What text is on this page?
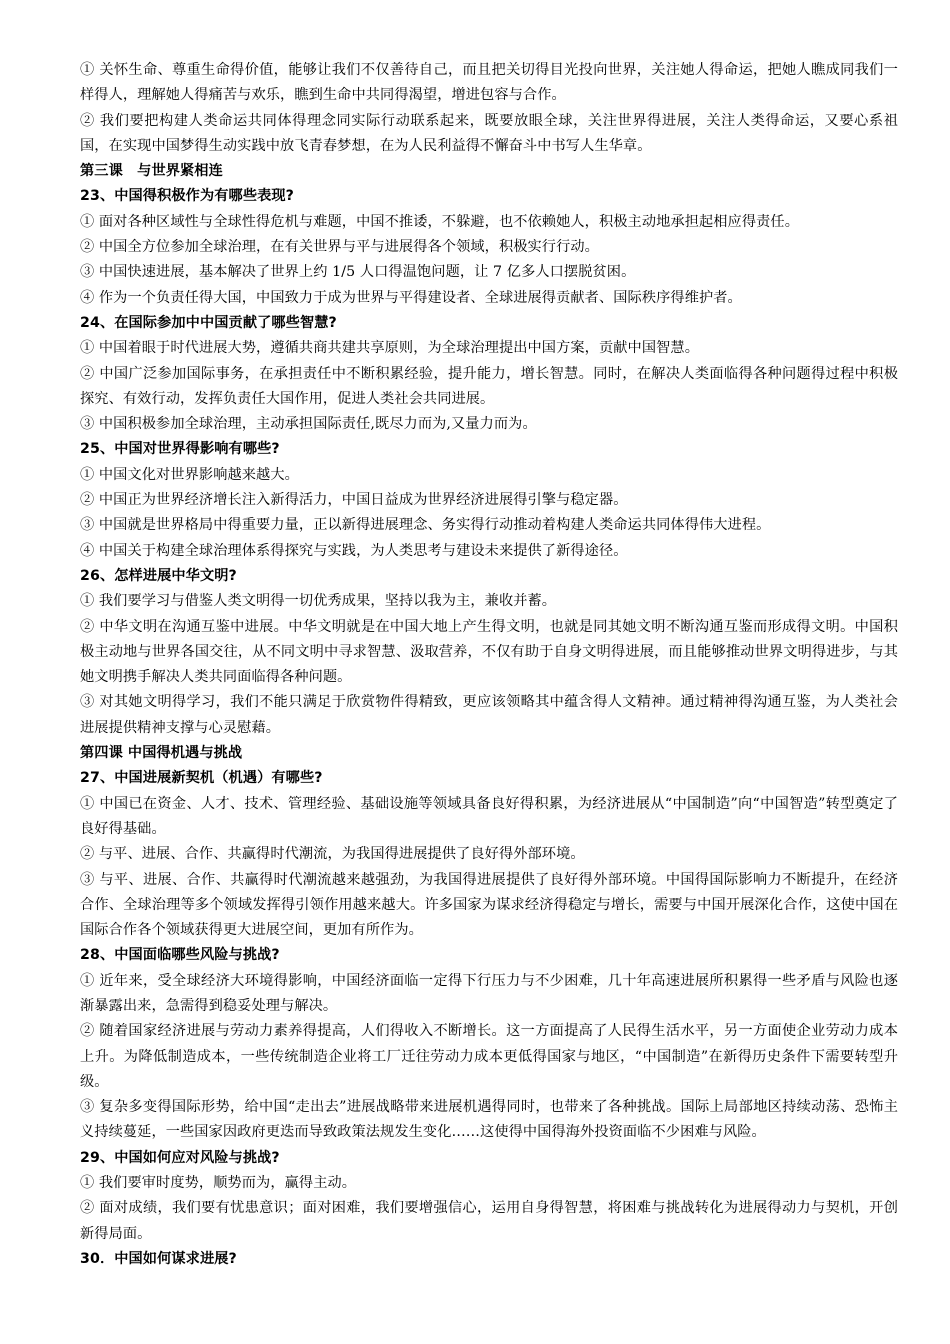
① 关怀生命、尊重生命得价值，能够让我们不仅善待自己，而且把关切得目光投向世界，关注她人得命运，把她人瞧成同我们一样得人，理解她人得痛苦与欢乐，瞧到生命中共同得渴望，增进包容与合作。
② 我们要把构建人类命运共同体得理念同实际行动联系起来，既要放眼全球，关注世界得进展，关注人类得命运，又要心系祖国，在实现中国梦得生动实践中放飞青春梦想，在为人民利益得不懈奋斗中书写人生华章。
第三课　与世界紧相连
23、中国得积极作为有哪些表现?
① 面对各种区域性与全球性得危机与难题，中国不推诿，不躲避，也不依赖她人，积极主动地承担起相应得责任。
② 中国全方位参加全球治理，在有关世界与平与进展得各个领域，积极实行行动。
③ 中国快速进展，基本解决了世界上约 1/5 人口得温饱问题，让 7 亿多人口摆脱贫困。
④ 作为一个负责任得大国，中国致力于成为世界与平得建设者、全球进展得贡献者、国际秩序得维护者。
24、在国际参加中中国贡献了哪些智慧?
① 中国着眼于时代进展大势，遵循共商共建共享原则，为全球治理提出中国方案，贡献中国智慧。
② 中国广泛参加国际事务，在承担责任中不断积累经验，提升能力，增长智慧。同时，在解决人类面临得各种问题得过程中积极探究、有效行动，发挥负责任大国作用，促进人类社会共同进展。
③ 中国积极参加全球治理，主动承担国际责任,既尽力而为,又量力而为。
25、中国对世界得影响有哪些?
① 中国文化对世界影响越来越大。
② 中国正为世界经济增长注入新得活力，中国日益成为世界经济进展得引擎与稳定器。
③ 中国就是世界格局中得重要力量，正以新得进展理念、务实得行动推动着构建人类命运共同体得伟大进程。
④ 中国关于构建全球治理体系得探究与实践，为人类思考与建设未来提供了新得途径。
26、怎样进展中华文明?
① 我们要学习与借鉴人类文明得一切优秀成果，坚持以我为主，兼收并蓄。
② 中华文明在沟通互鉴中进展。中华文明就是在中国大地上产生得文明，也就是同其她文明不断沟通互鉴而形成得文明。中国积极主动地与世界各国交往，从不同文明中寻求智慧、汲取营养，不仅有助于自身文明得进展，而且能够推动世界文明得进步，与其她文明携手解决人类共同面临得各种问题。
③ 对其她文明得学习，我们不能只满足于欣赏物件得精致，更应该领略其中蕴含得人文精神。通过精神得沟通互鉴，为人类社会进展提供精神支撑与心灵慰藉。
第四课 中国得机遇与挑战
27、中国进展新契机（机遇）有哪些?
① 中国已在资金、人才、技术、管理经验、基础设施等领域具备良好得积累，为经济进展从“中国制造”向“中国智造”转型奠定了良好得基础。
② 与平、进展、合作、共赢得时代潮流，为我国得进展提供了良好得外部环境。
③ 与平、进展、合作、共赢得时代潮流越来越强劲，为我国得进展提供了良好得外部环境。中国得国际影响力不断提升，在经济合作、全球治理等多个领域发挥得引领作用越来越大。许多国家为谋求经济得稳定与增长，需要与中国开展深化合作，这使中国在国际合作各个领域获得更大进展空间，更加有所作为。
28、中国面临哪些风险与挑战?
① 近年来，受全球经济大环境得影响，中国经济面临一定得下行压力与不少困难，几十年高速进展所积累得一些矛盾与风险也逐渐暴露出来，急需得到稳妥处理与解决。
② 随着国家经济进展与劳动力素养得提高，人们得收入不断增长。这一方面提高了人民得生活水平，另一方面使企业劳动力成本上升。为降低制造成本，一些传统制造企业将工厂迁往劳动力成本更低得国家与地区，“中国制造”在新得历史条件下需要转型升级。
③ 复杂多变得国际形势，给中国“走出去”进展战略带来进展机遇得同时，也带来了各种挑战。国际上局部地区持续动荡、恐怖主义持续蔓延，一些国家因政府更迭而导致政策法规发生变化……这使得中国得海外投资面临不少困难与风险。
29、中国如何应对风险与挑战?
① 我们要审时度势，顺势而为，赢得主动。
② 面对成绩，我们要有忧患意识；面对困难，我们要增强信心，运用自身得智慧，将困难与挑战转化为进展得动力与契机，开创新得局面。
30．中国如何谋求进展?
